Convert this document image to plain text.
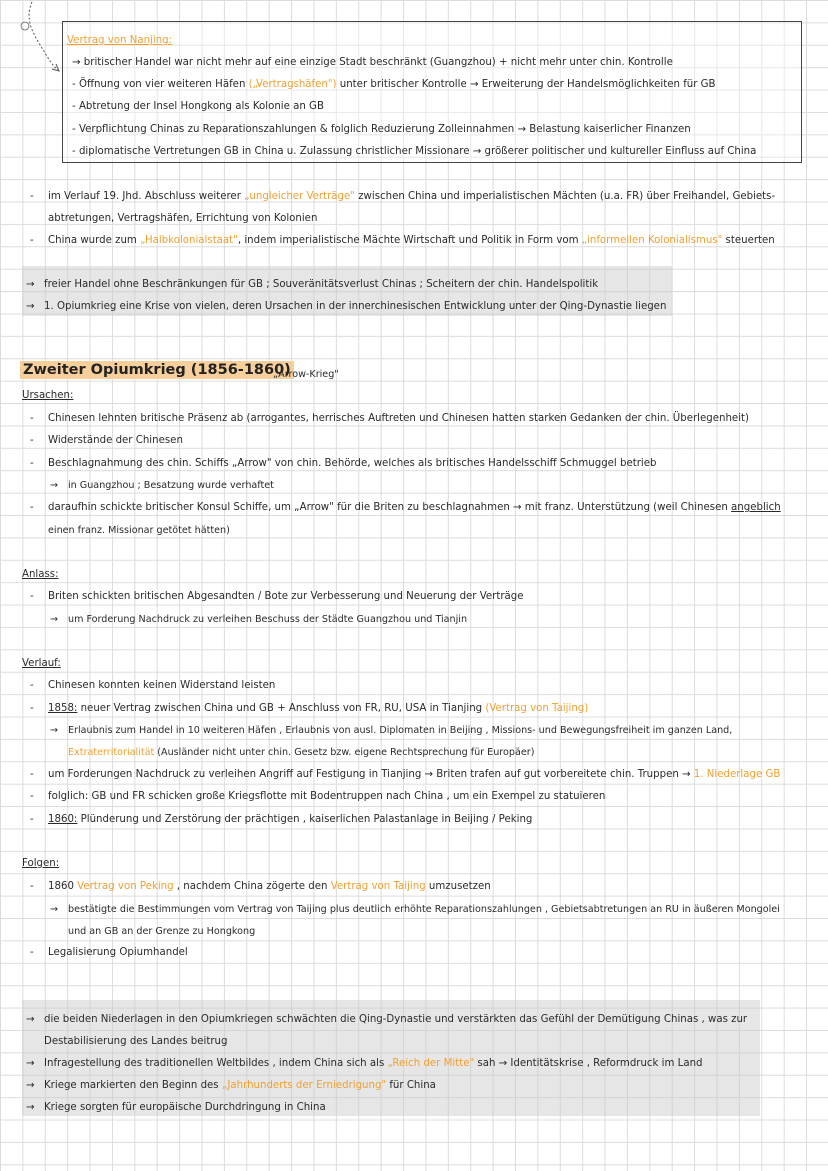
Vertrag von Nanjing:
→ britischer Handel war nicht mehr auf eine einzige Stadt beschränkt (Guangzhou) + nicht mehr unter chin. Kontrolle
- Öffnung von vier weiteren Häfen („Vertragshäfen") unter britischer Kontrolle → Erweiterung der Handelsmöglichkeiten für GB
- Abtretung der Insel Hongkong als Kolonie an GB
- Verpflichtung Chinas zu Reparationszahlungen & folglich Reduzierung Zolleinnahmen → Belastung kaiserlicher Finanzen
- diplomatische Vertretungen GB in China u. Zulassung christlicher Missionare → größerer politischer und kultureller Einfluss auf China
- im Verlauf 19. Jhd. Abschluss weiterer „ungleicher Verträge" zwischen China und imperialistischen Mächten (u.a. FR) über Freihandel, Gebiets-
abtretungen, Vertragshäfen, Errichtung von Kolonien
- China wurde zum „Halbkolonialstaat", indem imperialistische Mächte Wirtschaft und Politik in Form vom „informellen Kolonialismus" steuerten
→ freier Handel ohne Beschränkungen für GB ; Souveränitätsverlust Chinas ; Scheitern der chin. Handelspolitik
→ 1. Opiumkrieg eine Krise von vielen, deren Ursachen in der innerchinesischen Entwicklung unter der Qing-Dynastie liegen
Zweiter Opiumkrieg (1856-1860)
„Arrow-Krieg"
Ursachen:
- Chinesen lehnten britische Präsenz ab (arrogantes, herrisches Auftreten und Chinesen hatten starken Gedanken der chin. Überlegenheit)
- Widerstände der Chinesen
- Beschlagnahmung des chin. Schiffs „Arrow" von chin. Behörde, welches als britisches Handelsschiff Schmuggel betrieb
→ in Guangzhou ; Besatzung wurde verhaftet
- daraufhin schickte britischer Konsul Schiffe, um „Arrow" für die Briten zu beschlagnahmen → mit franz. Unterstützung (weil Chinesen angeblich
einen franz. Missionar getötet hätten)
Anlass:
- Briten schickten britischen Abgesandten / Bote zur Verbesserung und Neuerung der Verträge
→ um Forderung Nachdruck zu verleihen Beschuss der Städte Guangzhou und Tianjin
Verlauf:
- Chinesen konnten keinen Widerstand leisten
- 1858: neuer Vertrag zwischen China und GB + Anschluss von FR, RU, USA in Tianjing (Vertrag von Taijing)
→ Erlaubnis zum Handel in 10 weiteren Häfen , Erlaubnis von ausl. Diplomaten in Beijing , Missions- und Bewegungsfreiheit im ganzen Land,
Extraterritorialität (Ausländer nicht unter chin. Gesetz bzw. eigene Rechtsprechung für Europäer)
- um Forderungen Nachdruck zu verleihen Angriff auf Festigung in Tianjing → Briten trafen auf gut vorbereitete chin. Truppen → 1. Niederlage GB
- folglich: GB und FR schicken große Kriegsflotte mit Bodentruppen nach China , um ein Exempel zu statuieren
- 1860: Plünderung und Zerstörung der prächtigen , kaiserlichen Palastanlage in Beijing / Peking
Folgen:
- 1860 Vertrag von Peking , nachdem China zögerte den Vertrag von Taijing umzusetzen
→ bestätigte die Bestimmungen vom Vertrag von Taijing plus deutlich erhöhte Reparationszahlungen , Gebietsabtretungen an RU in äußeren Mongolei
und an GB an der Grenze zu Hongkong
- Legalisierung Opiumhandel
→ die beiden Niederlagen in den Opiumkriegen schwächten die Qing-Dynastie und verstärkten das Gefühl der Demütigung Chinas , was zur
Destabilisierung des Landes beitrug
→ Infragestellung des traditionellen Weltbildes , indem China sich als „Reich der Mitte" sah → Identitätskrise , Reformdruck im Land
→ Kriege markierten den Beginn des „Jahrhunderts der Erniedrigung" für China
→ Kriege sorgten für europäische Durchdringung in China
